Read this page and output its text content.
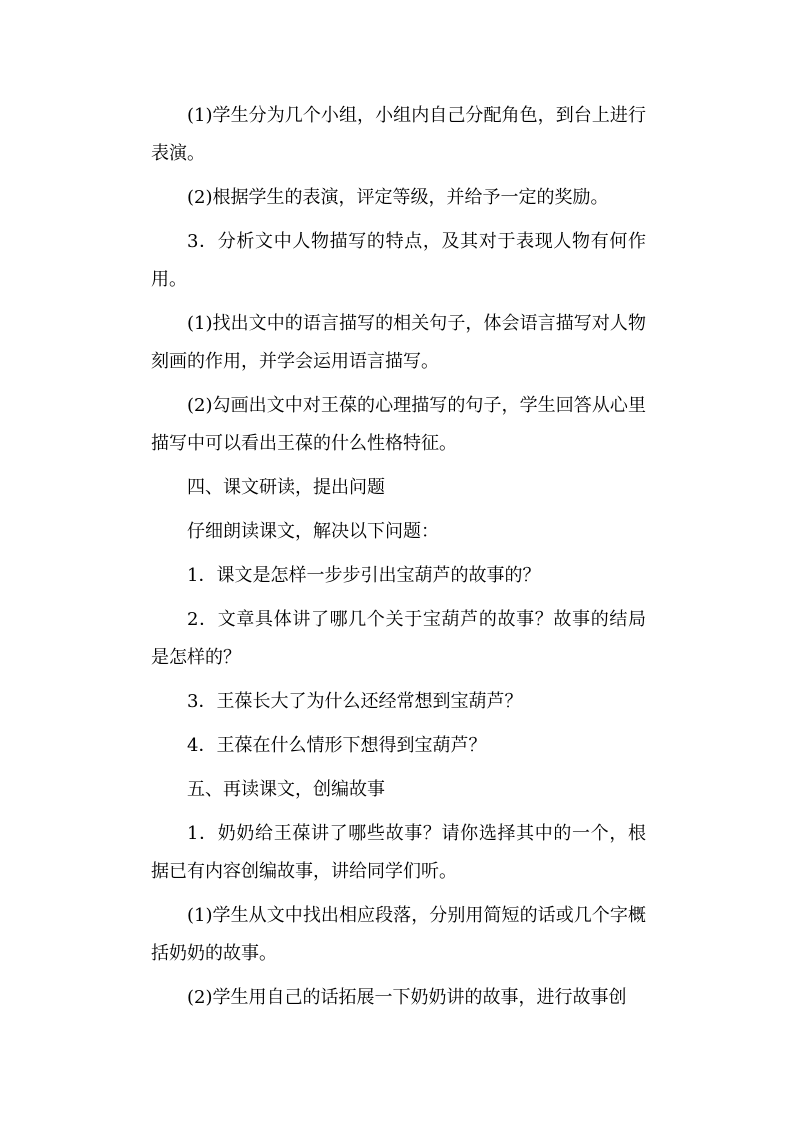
(1)学生分为几个小组，小组内自己分配角色，到台上进行表演。

(2)根据学生的表演，评定等级，并给予一定的奖励。

3．分析文中人物描写的特点，及其对于表现人物有何作用。

(1)找出文中的语言描写的相关句子，体会语言描写对人物刻画的作用，并学会运用语言描写。

(2)勾画出文中对王葆的心理描写的句子，学生回答从心里描写中可以看出王葆的什么性格特征。

四、课文研读，提出问题

仔细朗读课文，解决以下问题：

1．课文是怎样一步步引出宝葫芦的故事的？

2．文章具体讲了哪几个关于宝葫芦的故事？故事的结局是怎样的？

3．王葆长大了为什么还经常想到宝葫芦？

4．王葆在什么情形下想得到宝葫芦？

五、再读课文，创编故事

1．奶奶给王葆讲了哪些故事？请你选择其中的一个，根据已有内容创编故事，讲给同学们听。

(1)学生从文中找出相应段落，分别用简短的话或几个字概括奶奶的故事。

(2)学生用自己的话拓展一下奶奶讲的故事，进行故事创
